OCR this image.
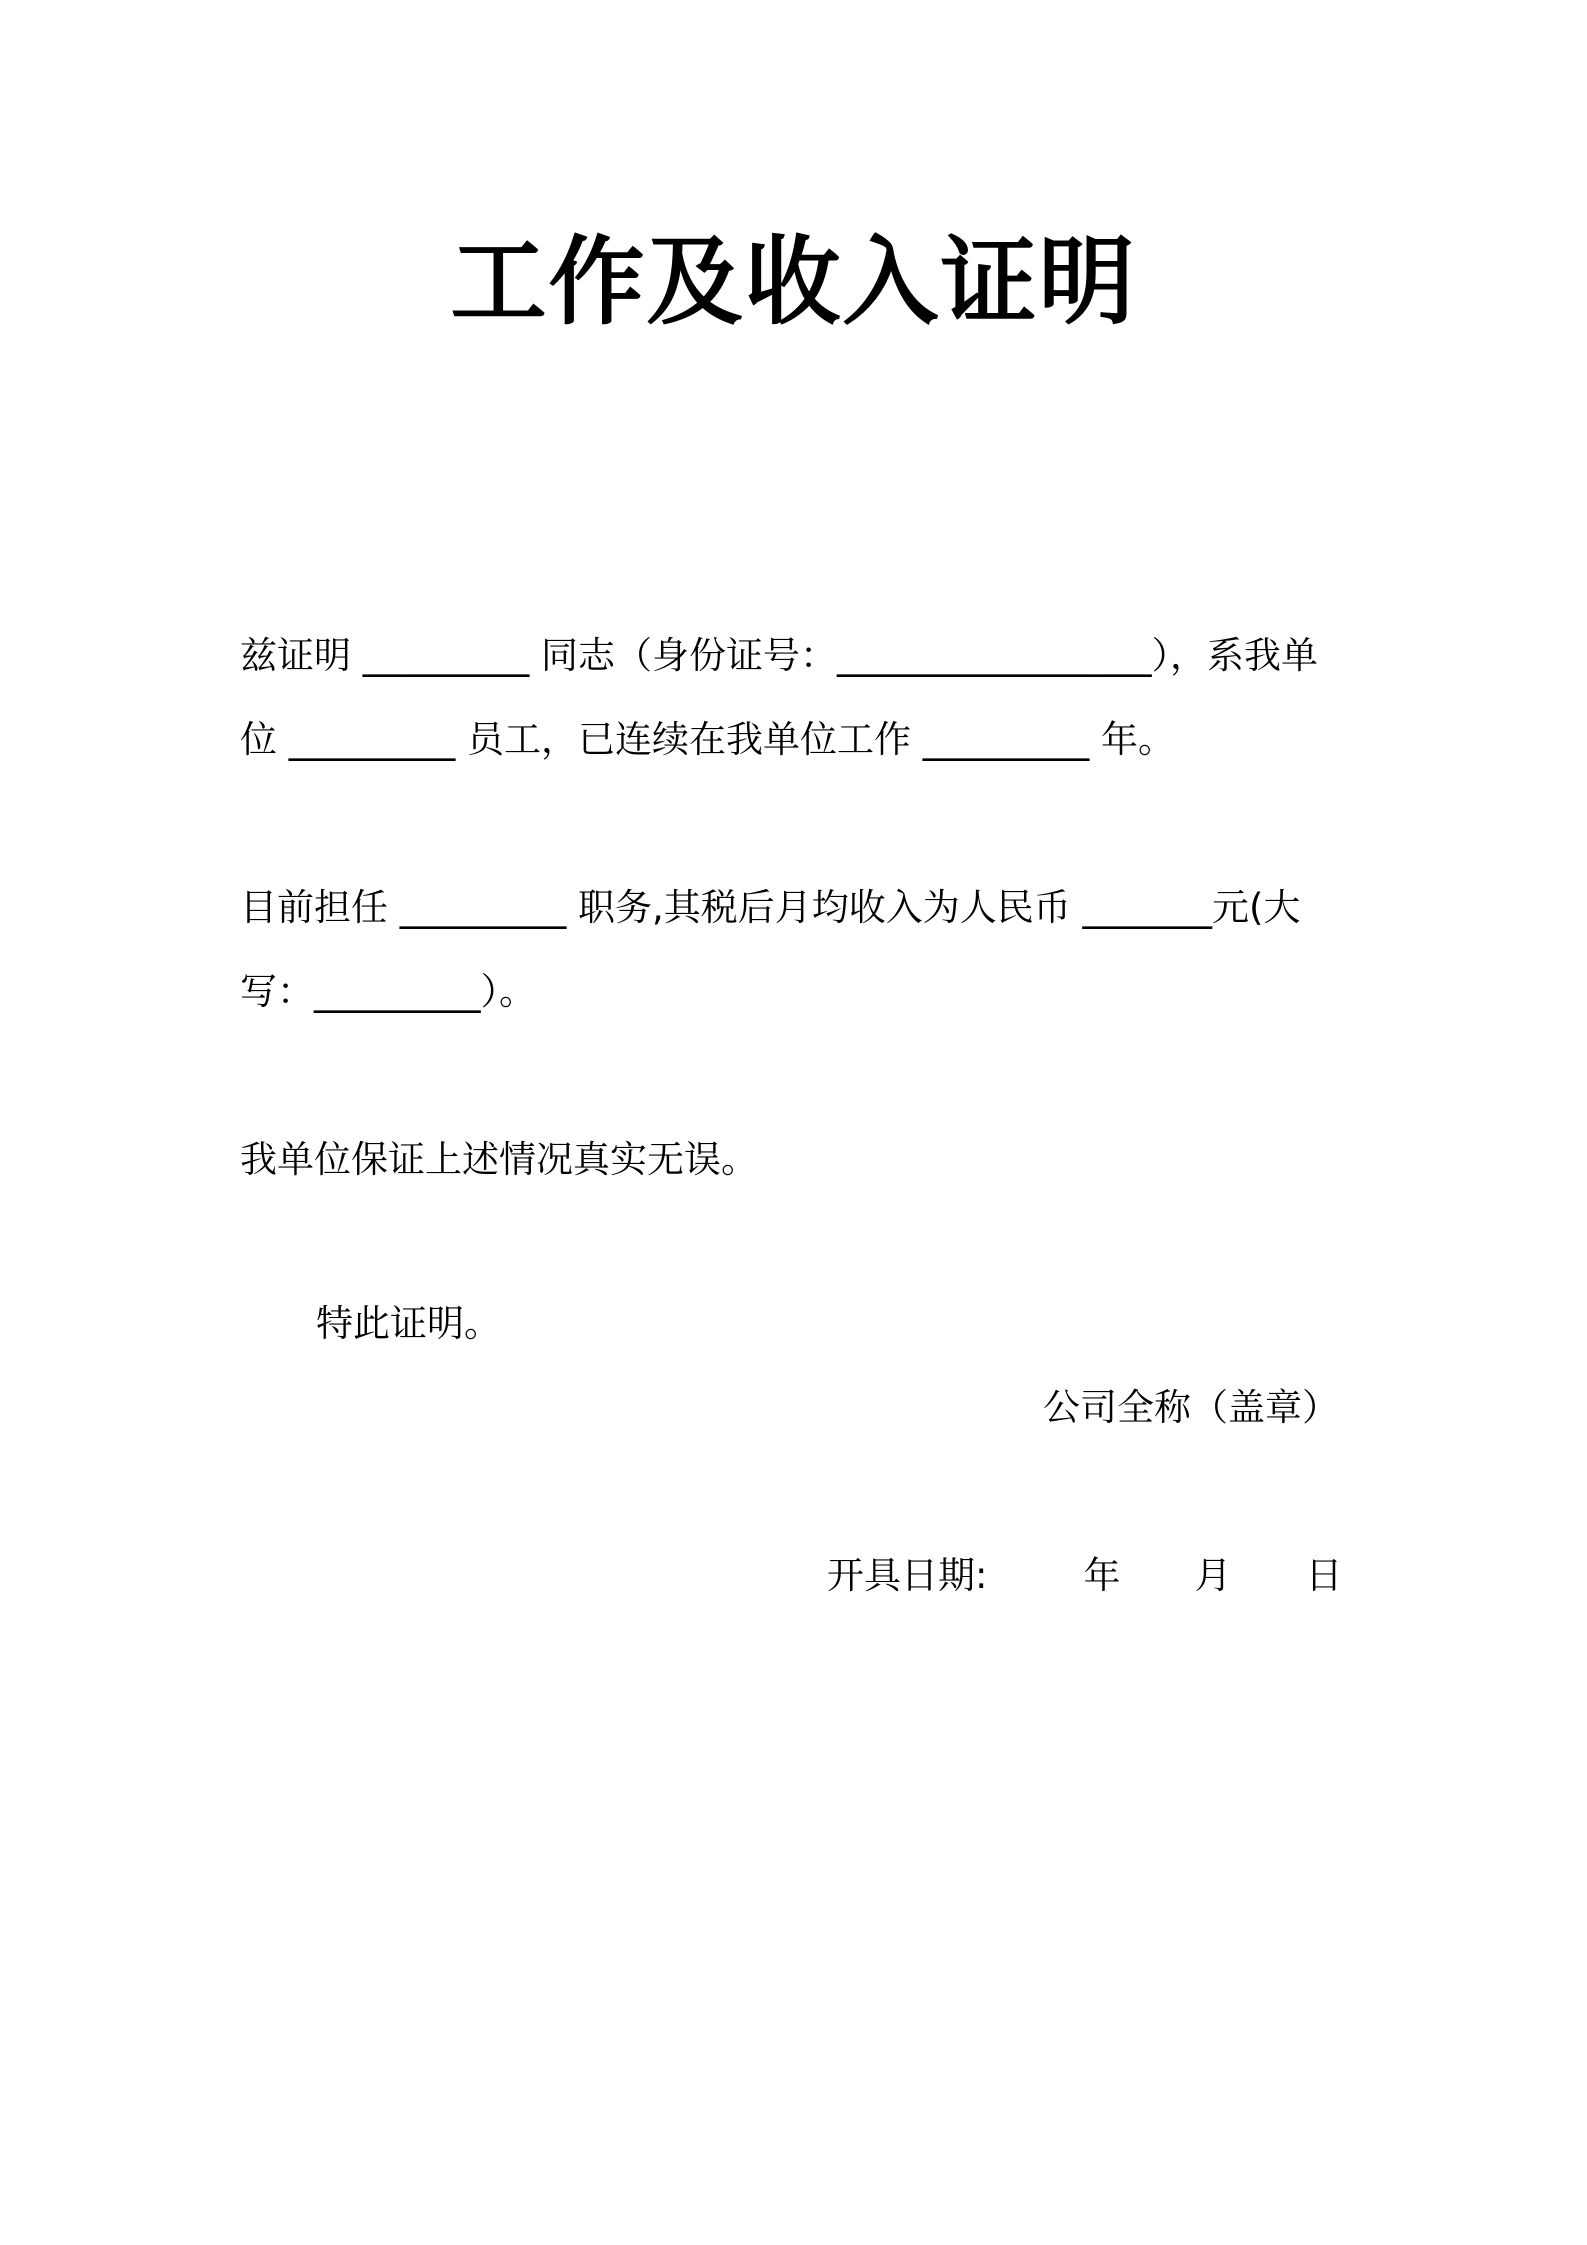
工作及收入证明
兹证明 _________ 同志（身份证号：_________________），系我单
位 _________ 员工，已连续在我单位工作 _________ 年。
目前担任 _________ 职务,其税后月均收入为人民币 _______元(大
写：_________）。
我单位保证上述情况真实无误。
特此证明。
公司全称（盖章）
开具日期:	年 月 日
